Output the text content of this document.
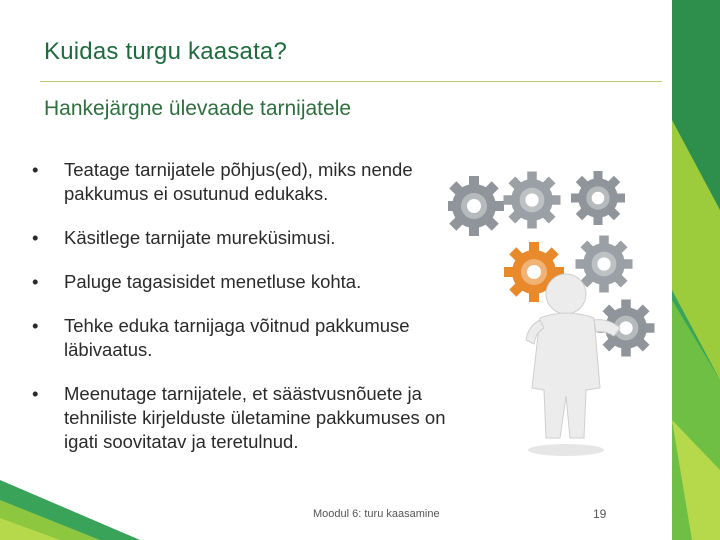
Kuidas turgu kaasata?
Hankejärgne ülevaade tarnijatele
• Teatage tarnijatele põhjus(ed), miks nende pakkumus ei osutunud edukaks.
• Käsitlege tarnijate mureküsimusi.
• Paluge tagasisidet menetluse kohta.
• Tehke eduka tarnijaga võitnud pakkumuse läbivaatus.
• Meenutage tarnijatele, et säästvusnõuete ja tehniliste kirjelduste ületamine pakkumuses on igati soovitatav ja teretulnud.
Moodul 6: turu kaasamine	19
